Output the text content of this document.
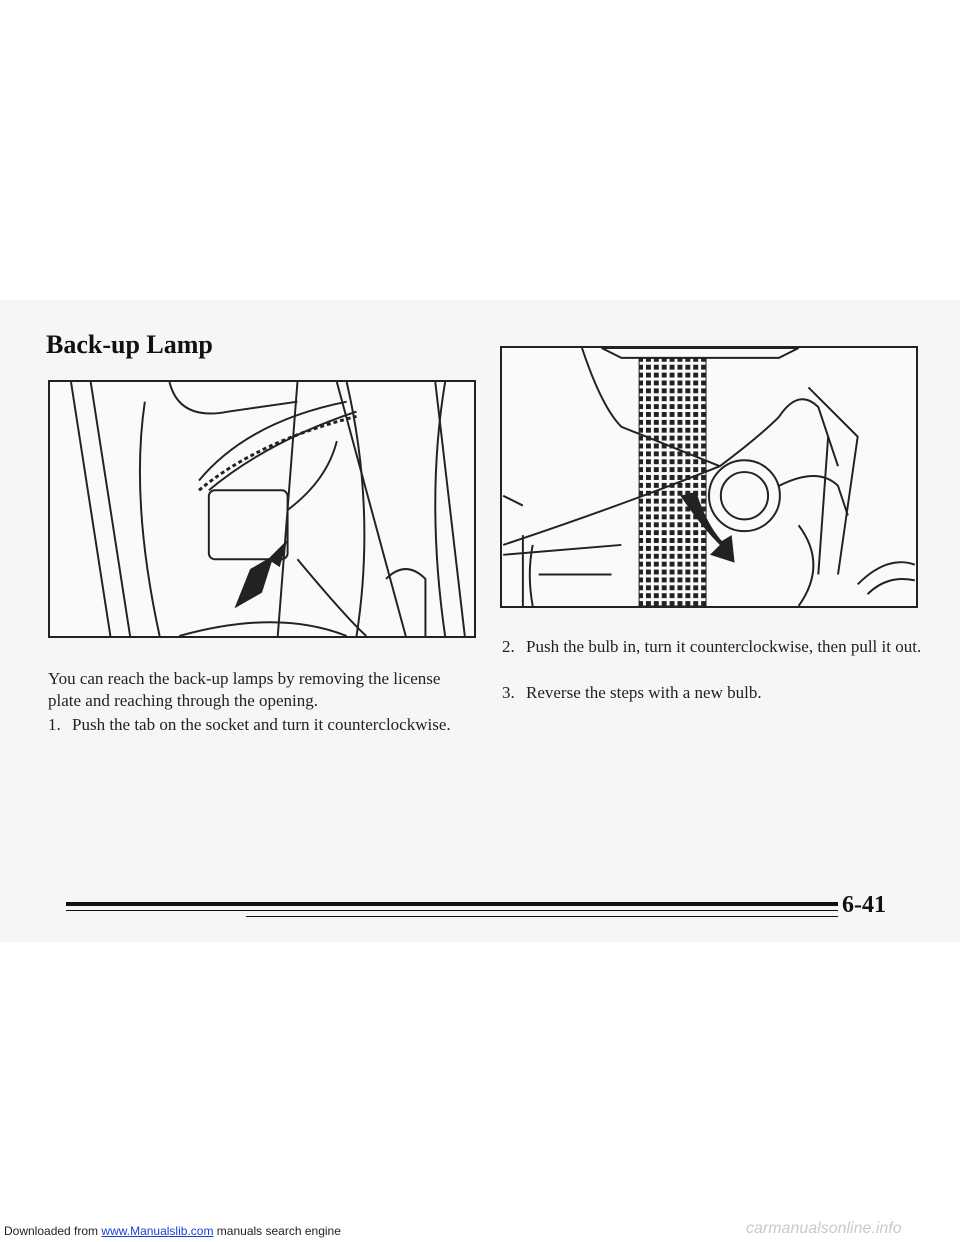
Back-up Lamp

You can reach the back-up lamps by removing the license plate and reaching through the opening.

1. Push the tab on the socket and turn it counterclockwise.

2. Push the bulb in, turn it counterclockwise, then pull it out.

3. Reverse the steps with a new bulb.

6-41
Downloaded from www.Manualslib.com manuals search engine	carmanualsonline.info
